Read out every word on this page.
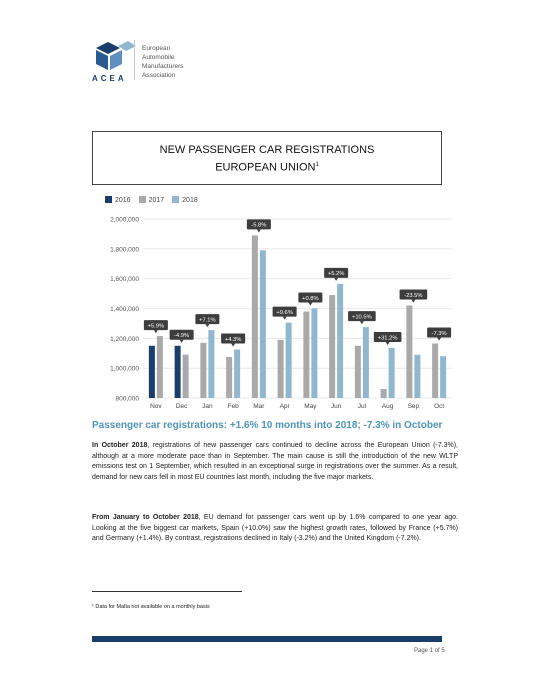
ACEA
European
Automobile
Manufacturers
Association
NEW PASSENGER CAR REGISTRATIONS
EUROPEAN UNION$^1$
2016	2017	2018
800,000
1,000,000
1,200,000
1,400,000
1,600,000
1,800,000
2,000,000
Nov
+5.9%
Dec
-4.9%
Jan
+7.1%
Feb
+4.3%
Mar
-5.8%
Apr
+9.6%
May
+0.8%
Jun
+5.2%
Jul
+10.5%
Aug
+31.2%
Sep
-23.5%
Oct
-7.3%
Passenger car registrations: +1.6% 10 months into 2018; -7.3% in October
In October 2018, registrations of new passenger cars continued to decline across the European Union (-7.3%), although at a more moderate pace than in September. The main cause is still the introduction of the new WLTP emissions test on 1 September, which resulted in an exceptional surge in registrations over the summer. As a result, demand for new cars fell in most EU countries last month, including the five major markets.
From January to October 2018, EU demand for passenger cars went up by 1.6% compared to one year ago. Looking at the five biggest car markets, Spain (+10.0%) saw the highest growth rates, followed by France (+5.7%) and Germany (+1.4%). By contrast, registrations declined in Italy (-3.2%) and the United Kingdom (-7.2%).
¹ Data for Malta not available on a monthly basis
Page 1 of 5
